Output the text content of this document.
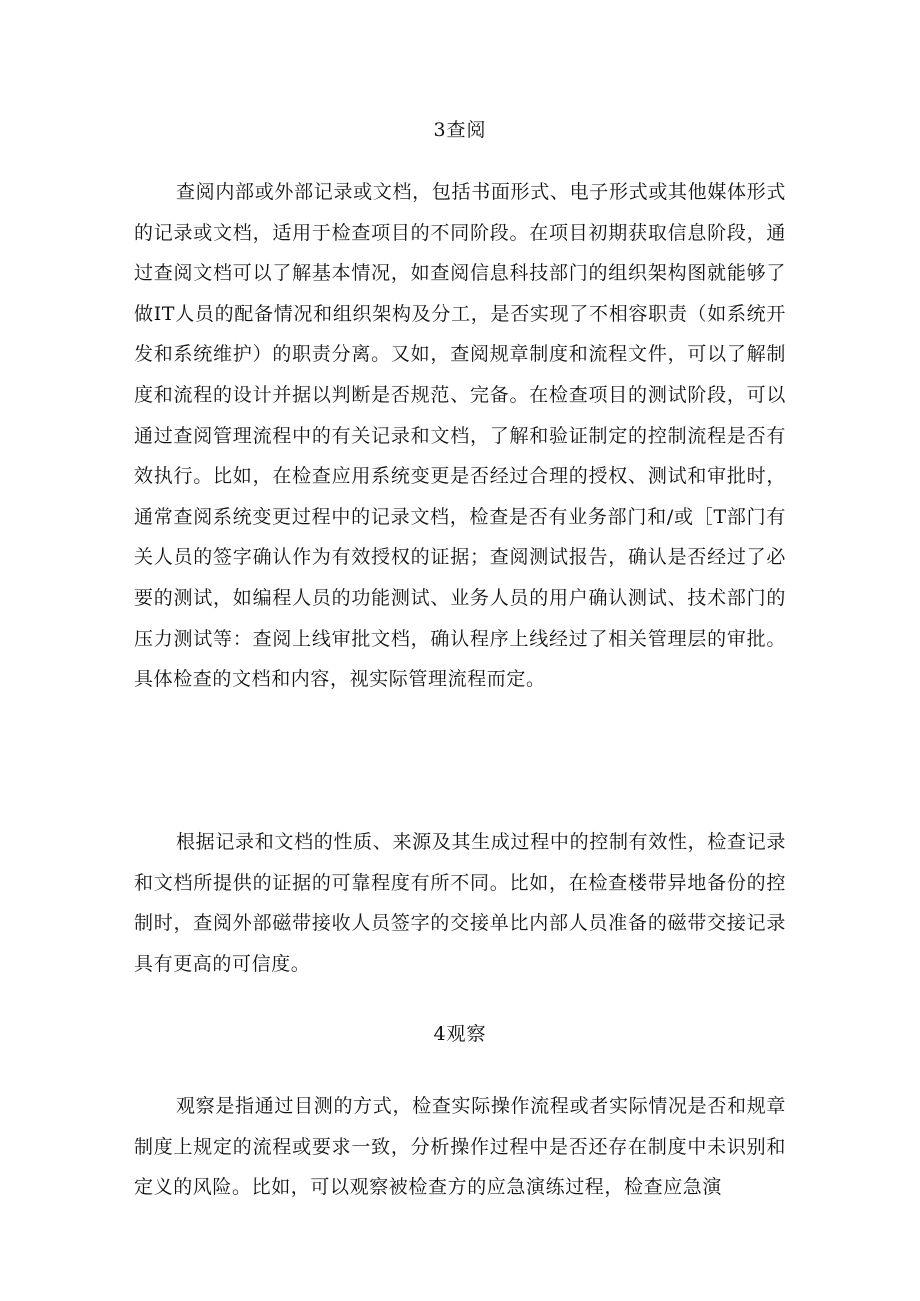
3查阅

查阅内部或外部记录或文档，包括书面形式、电子形式或其他媒体形式的记录或文档，适用于检查项目的不同阶段。在项目初期获取信息阶段，通过查阅文档可以了解基本情况，如查阅信息科技部门的组织架构图就能够了做IT人员的配备情况和组织架构及分工，是否实现了不相容职责（如系统开发和系统维护）的职责分离。又如，查阅规章制度和流程文件，可以了解制度和流程的设计并据以判断是否规范、完备。在检查项目的测试阶段，可以通过查阅管理流程中的有关记录和文档，了解和验证制定的控制流程是否有效执行。比如，在检查应用系统变更是否经过合理的授权、测试和审批时，通常查阅系统变更过程中的记录文档，检查是否有业务部门和/或［T部门有关人员的签字确认作为有效授权的证据；查阅测试报告，确认是否经过了必要的测试，如编程人员的功能测试、业务人员的用户确认测试、技术部门的压力测试等：查阅上线审批文档，确认程序上线经过了相关管理层的审批。具体检查的文档和内容，视实际管理流程而定。

根据记录和文档的性质、来源及其生成过程中的控制有效性，检查记录和文档所提供的证据的可靠程度有所不同。比如，在检查楼带异地备份的控制时，查阅外部磁带接收人员签字的交接单比内部人员准备的磁带交接记录具有更高的可信度。

4观察

观察是指通过目测的方式，检查实际操作流程或者实际情况是否和规章制度上规定的流程或要求一致，分析操作过程中是否还存在制度中未识别和定义的风险。比如，可以观察被检查方的应急演练过程，检查应急演
